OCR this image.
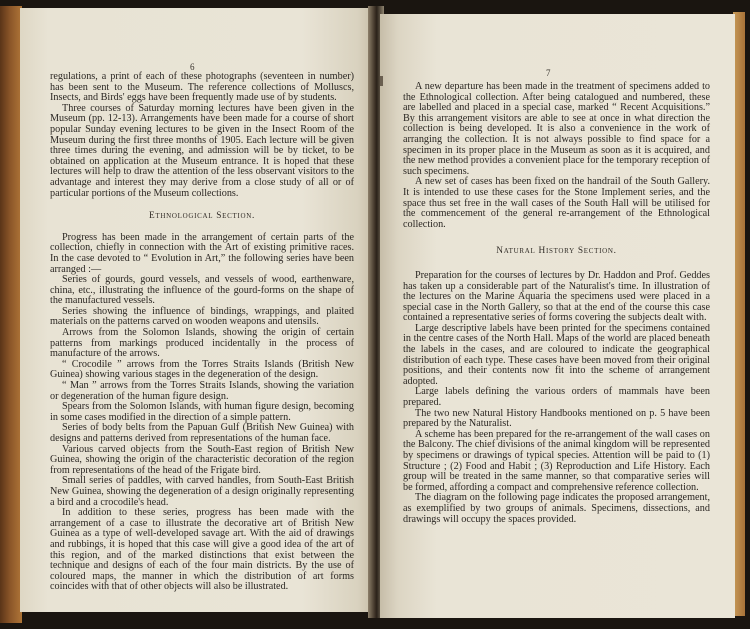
6

regulations, a print of each of these photographs (seventeen in number) has been sent to the Museum. The reference collections of Molluscs, Insects, and Birds' eggs have been frequently made use of by students.

Three courses of Saturday morning lectures have been given in the Museum (pp. 12-13). Arrangements have been made for a course of short popular Sunday evening lectures to be given in the Insect Room of the Museum during the first three months of 1905. Each lecture will be given three times during the evening, and admission will be by ticket, to be obtained on application at the Museum entrance. It is hoped that these lectures will help to draw the attention of the less observant visitors to the advantage and interest they may derive from a close study of all or of particular portions of the Museum collections.

Ethnological Section.

Progress has been made in the arrangement of certain parts of the collection, chiefly in connection with the Art of existing primitive races. In the case devoted to “ Evolution in Art,” the following series have been arranged :—

Series of gourds, gourd vessels, and vessels of wood, earthenware, china, etc., illustrating the influence of the gourd-forms on the shape of the manufactured vessels.

Series showing the influence of bindings, wrappings, and plaited materials on the patterns carved on wooden weapons and utensils.

Arrows from the Solomon Islands, showing the origin of certain patterns from markings produced incidentally in the process of manufacture of the arrows.

“ Crocodile ” arrows from the Torres Straits Islands (British New Guinea) showing various stages in the degeneration of the design.

“ Man ” arrows from the Torres Straits Islands, showing the variation or degeneration of the human figure design.

Spears from the Solomon Islands, with human figure design, becoming in some cases modified in the direction of a simple pattern.

Series of body belts from the Papuan Gulf (British New Guinea) with designs and patterns derived from representations of the human face.

Various carved objects from the South-East region of British New Guinea, showing the origin of the characteristic decoration of the region from representations of the head of the Frigate bird.

Small series of paddles, with carved handles, from South-East British New Guinea, showing the degeneration of a design originally representing a bird and a crocodile's head.

In addition to these series, progress has been made with the arrangement of a case to illustrate the decorative art of British New Guinea as a type of well-developed savage art. With the aid of drawings and rubbings, it is hoped that this case will give a good idea of the art of this region, and of the marked distinctions that exist between the technique and designs of each of the four main districts. By the use of coloured maps, the manner in which the distribution of art forms coincides with that of other objects will also be illustrated.

7

A new departure has been made in the treatment of specimens added to the Ethnological collection. After being catalogued and numbered, these are labelled and placed in a special case, marked “ Recent Acquisitions.” By this arrangement visitors are able to see at once in what direction the collection is being developed. It is also a convenience in the work of arranging the collection. It is not always possible to find space for a specimen in its proper place in the Museum as soon as it is acquired, and the new method provides a convenient place for the temporary reception of such specimens.

A new set of cases has been fixed on the handrail of the South Gallery. It is intended to use these cases for the Stone Implement series, and the space thus set free in the wall cases of the South Hall will be utilised for the commencement of the general re-arrangement of the Ethnological collection.

Natural History Section.

Preparation for the courses of lectures by Dr. Haddon and Prof. Geddes has taken up a considerable part of the Naturalist's time. In illustration of the lectures on the Marine Aquaria the specimens used were placed in a special case in the North Gallery, so that at the end of the course this case contained a representative series of forms covering the subjects dealt with.

Large descriptive labels have been printed for the specimens contained in the centre cases of the North Hall. Maps of the world are placed beneath the labels in the cases, and are coloured to indicate the geographical distribution of each type. These cases have been moved from their original positions, and their contents now fit into the scheme of arrangement adopted.

Large labels defining the various orders of mammals have been prepared.

The two new Natural History Handbooks mentioned on p. 5 have been prepared by the Naturalist.

A scheme has been prepared for the re-arrangement of the wall cases on the Balcony. The chief divisions of the animal kingdom will be represented by specimens or drawings of typical species. Attention will be paid to (1) Structure ; (2) Food and Habit ; (3) Reproduction and Life History. Each group will be treated in the same manner, so that comparative series will be formed, affording a compact and comprehensive reference collection.

The diagram on the following page indicates the proposed arrangement, as exemplified by two groups of animals. Specimens, dissections, and drawings will occupy the spaces provided.
